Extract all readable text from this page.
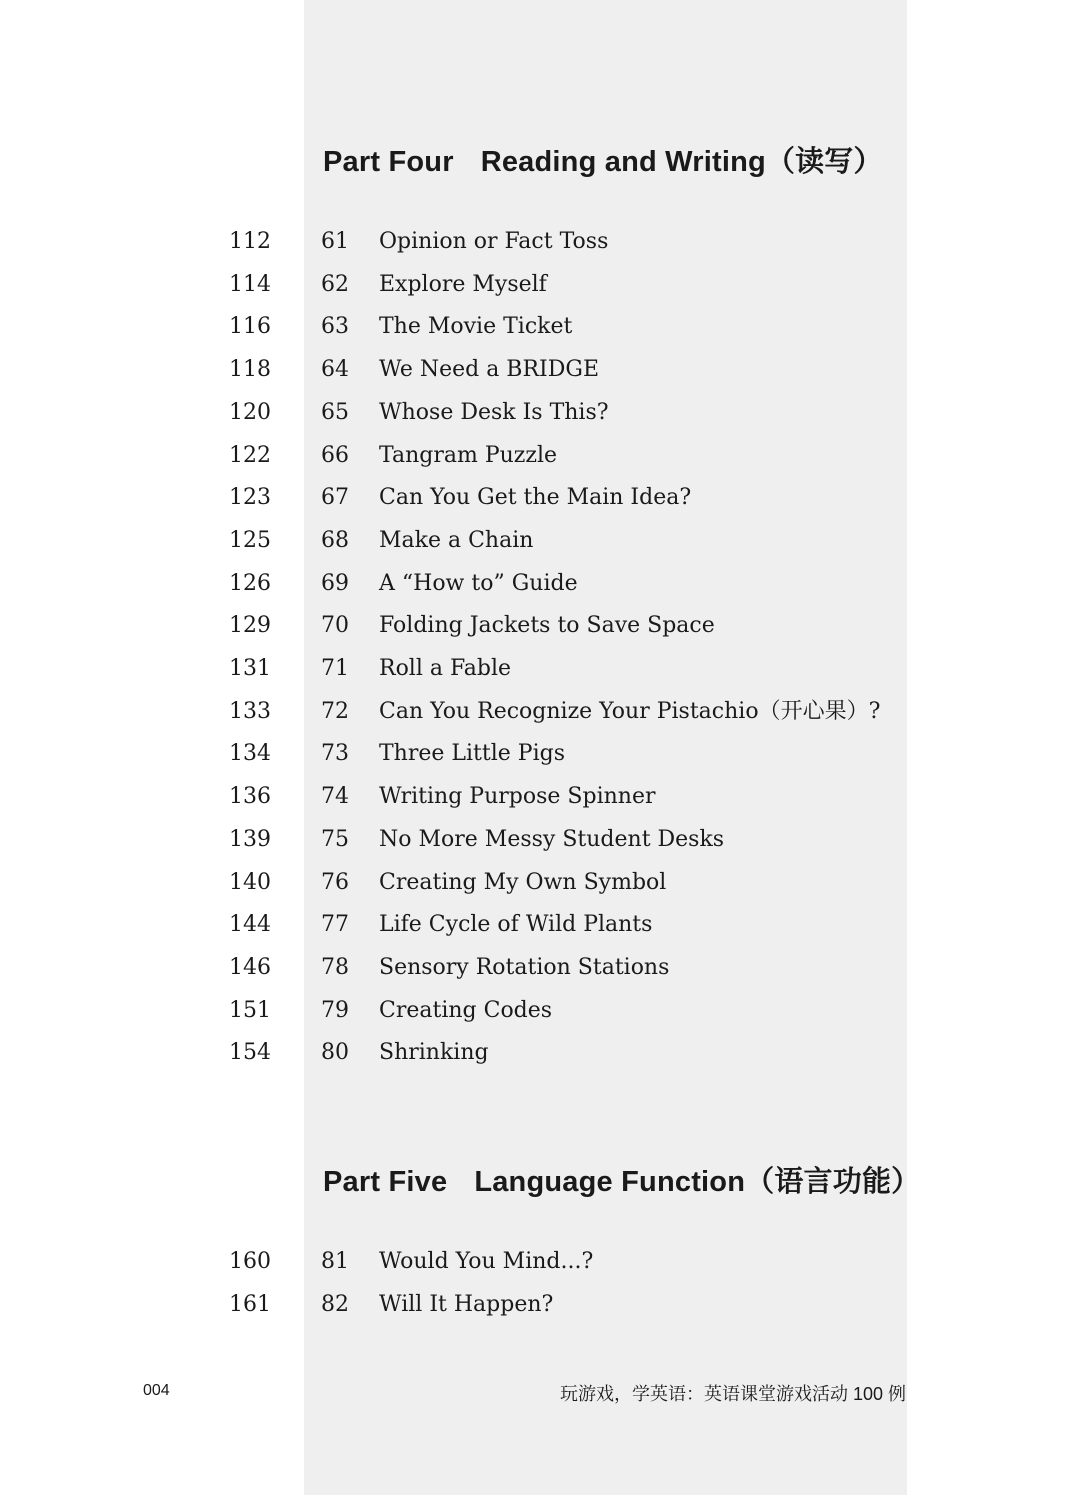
Part Four Reading and Writing（读写）
112 61 Opinion or Fact Toss
114 62 Explore Myself
116 63 The Movie Ticket
118 64 We Need a BRIDGE
120 65 Whose Desk Is This?
122 66 Tangram Puzzle
123 67 Can You Get the Main Idea?
125 68 Make a Chain
126 69 A “How to” Guide
129 70 Folding Jackets to Save Space
131 71 Roll a Fable
133 72 Can You Recognize Your Pistachio（开心果）?
134 73 Three Little Pigs
136 74 Writing Purpose Spinner
139 75 No More Messy Student Desks
140 76 Creating My Own Symbol
144 77 Life Cycle of Wild Plants
146 78 Sensory Rotation Stations
151 79 Creating Codes
154 80 Shrinking
Part Five Language Function（语言功能）
160 81 Would You Mind...?
161 82 Will It Happen?
004	玩游戏，学英语：英语课堂游戏活动 100 例
